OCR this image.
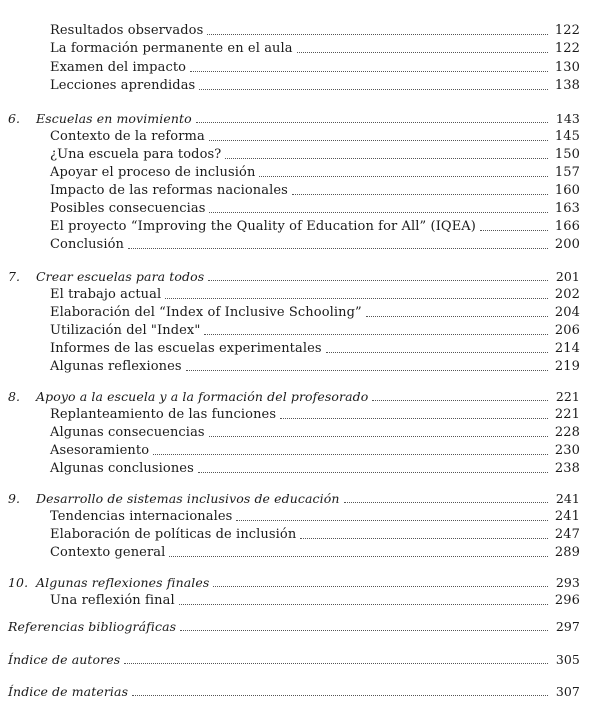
Resultados observados	122
La formación permanente en el aula	122
Examen del impacto	130
Lecciones aprendidas	138
6.	Escuelas en movimiento	143
Contexto de la reforma	145
¿Una escuela para todos?	150
Apoyar el proceso de inclusión	157
Impacto de las reformas nacionales	160
Posibles consecuencias	163
El proyecto “Improving the Quality of Education for All” (IQEA)	166
Conclusión	200
7.	Crear escuelas para todos	201
El trabajo actual	202
Elaboración del “Index of Inclusive Schooling”	204
Utilización del "Index"	206
Informes de las escuelas experimentales	214
Algunas reflexiones	219
8.	Apoyo a la escuela y a la formación del profesorado	221
Replanteamiento de las funciones	221
Algunas consecuencias	228
Asesoramiento	230
Algunas conclusiones	238
9.	Desarrollo de sistemas inclusivos de educación	241
Tendencias internacionales	241
Elaboración de políticas de inclusión	247
Contexto general	289
10. Algunas reflexiones finales	293
Una reflexión final	296
Referencias bibliográficas	297
Índice de autores	305
Índice de materias	307
